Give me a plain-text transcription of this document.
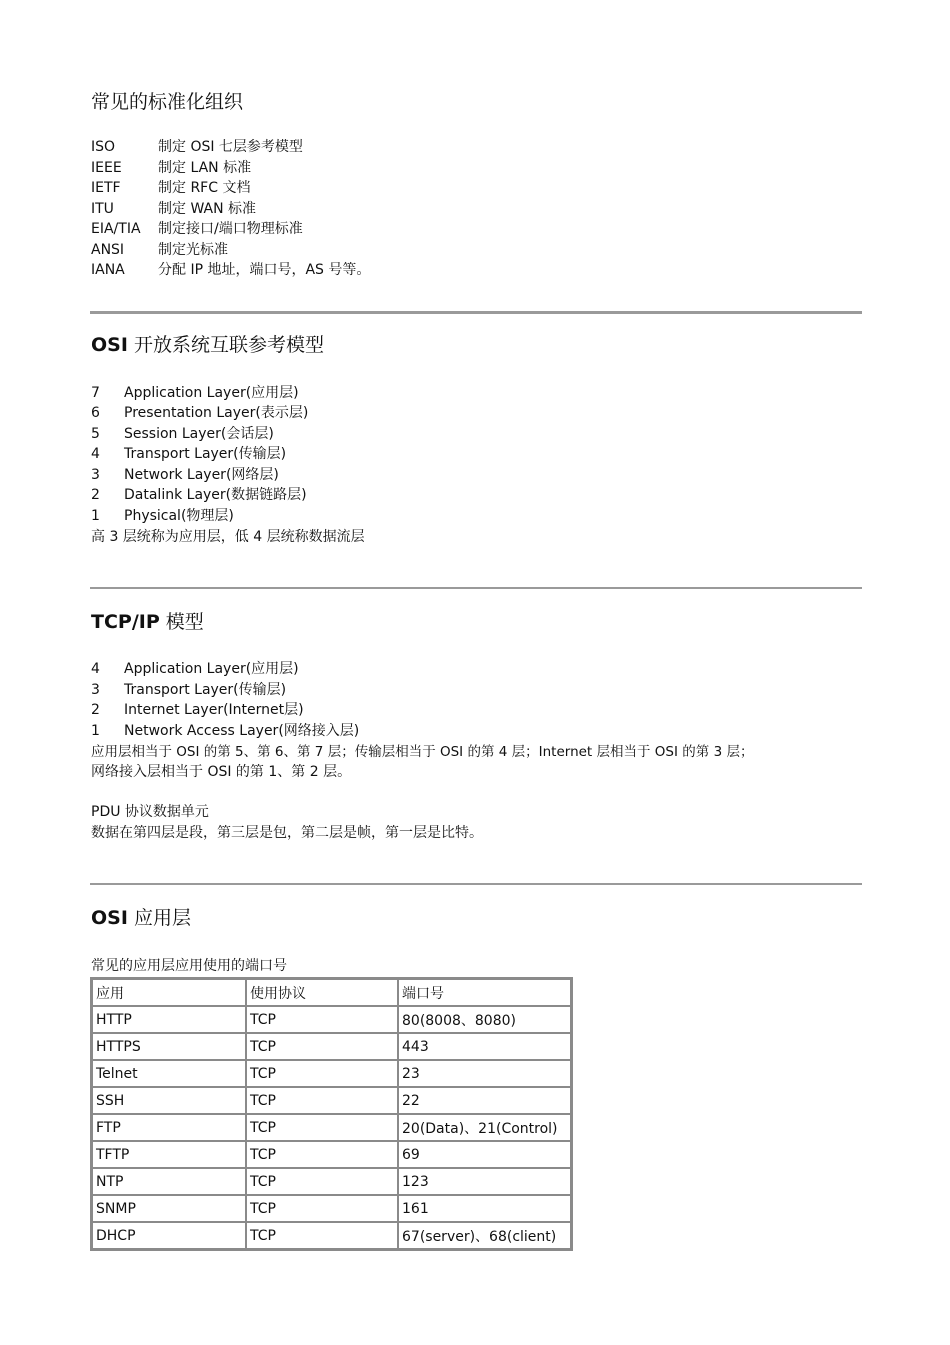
常见的标准化组织
ISO	制定 OSI 七层参考模型
IEEE	制定 LAN 标准
IETF	制定 RFC 文档
ITU	制定 WAN 标准
EIA/TIA 制定接口/端口物理标准
ANSI 制定光标准
IANA 分配 IP 地址，端口号，AS 号等。
OSI 开放系统互联参考模型
7 Application Layer(应用层)
6 Presentation Layer(表示层)
5 Session Layer(会话层)
4 Transport Layer(传输层)
3 Network Layer(网络层)
2 Datalink Layer(数据链路层)
1 Physical(物理层)
高 3 层统称为应用层，低 4 层统称数据流层
TCP/IP 模型
4 Application Layer(应用层)
3 Transport Layer(传输层)
2 Internet Layer(Internet层)
1 Network Access Layer(网络接入层)
应用层相当于 OSI 的第 5、第 6、第 7 层；传输层相当于 OSI 的第 4 层；Internet 层相当于 OSI 的第 3 层；
网络接入层相当于 OSI 的第 1、第 2 层。
PDU 协议数据单元
数据在第四层是段，第三层是包，第二层是帧，第一层是比特。
OSI 应用层
常见的应用层应用使用的端口号
应用	使用协议	端口号
HTTP	TCP	80(8008、8080)
HTTPS	TCP	443
Telnet	TCP	23
SSH	TCP	22
FTP	TCP	20(Data)、21(Control)
TFTP	TCP	69
NTP	TCP	123
SNMP	TCP	161
DHCP	TCP	67(server)、68(client)
